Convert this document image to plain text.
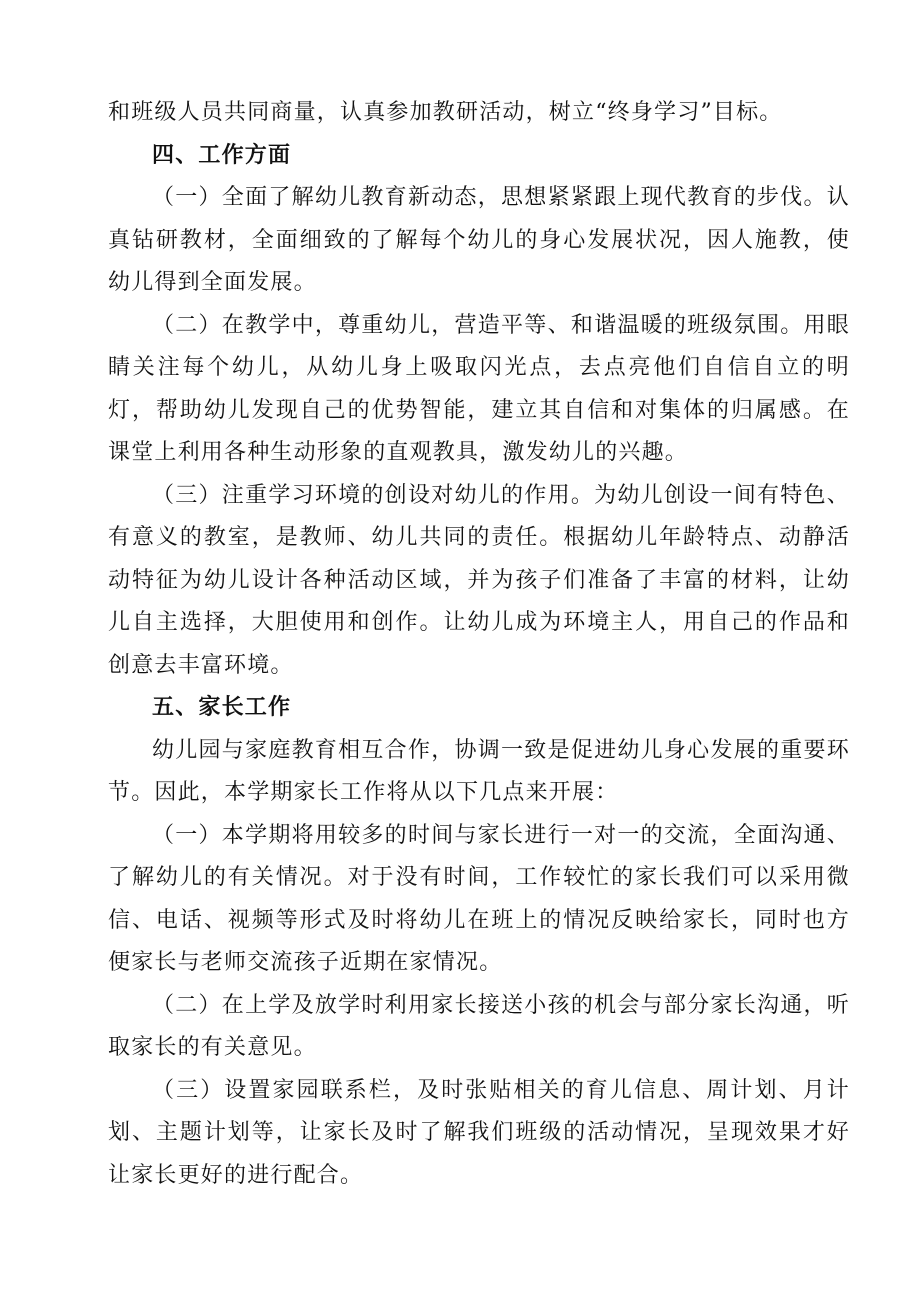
和班级人员共同商量，认真参加教研活动，树立“终身学习”目标。

四、工作方面

（一）全面了解幼儿教育新动态，思想紧紧跟上现代教育的步伐。认真钻研教材，全面细致的了解每个幼儿的身心发展状况，因人施教，使幼儿得到全面发展。

（二）在教学中，尊重幼儿，营造平等、和谐温暖的班级氛围。用眼睛关注每个幼儿，从幼儿身上吸取闪光点，去点亮他们自信自立的明灯，帮助幼儿发现自己的优势智能，建立其自信和对集体的归属感。在课堂上利用各种生动形象的直观教具，激发幼儿的兴趣。

（三）注重学习环境的创设对幼儿的作用。为幼儿创设一间有特色、有意义的教室，是教师、幼儿共同的责任。根据幼儿年龄特点、动静活动特征为幼儿设计各种活动区域，并为孩子们准备了丰富的材料，让幼儿自主选择，大胆使用和创作。让幼儿成为环境主人，用自己的作品和创意去丰富环境。

五、家长工作

幼儿园与家庭教育相互合作，协调一致是促进幼儿身心发展的重要环节。因此，本学期家长工作将从以下几点来开展：

（一）本学期将用较多的时间与家长进行一对一的交流，全面沟通、了解幼儿的有关情况。对于没有时间，工作较忙的家长我们可以采用微信、电话、视频等形式及时将幼儿在班上的情况反映给家长，同时也方便家长与老师交流孩子近期在家情况。

（二）在上学及放学时利用家长接送小孩的机会与部分家长沟通，听取家长的有关意见。

（三）设置家园联系栏，及时张贴相关的育儿信息、周计划、月计划、主题计划等，让家长及时了解我们班级的活动情况，呈现效果才好让家长更好的进行配合。
